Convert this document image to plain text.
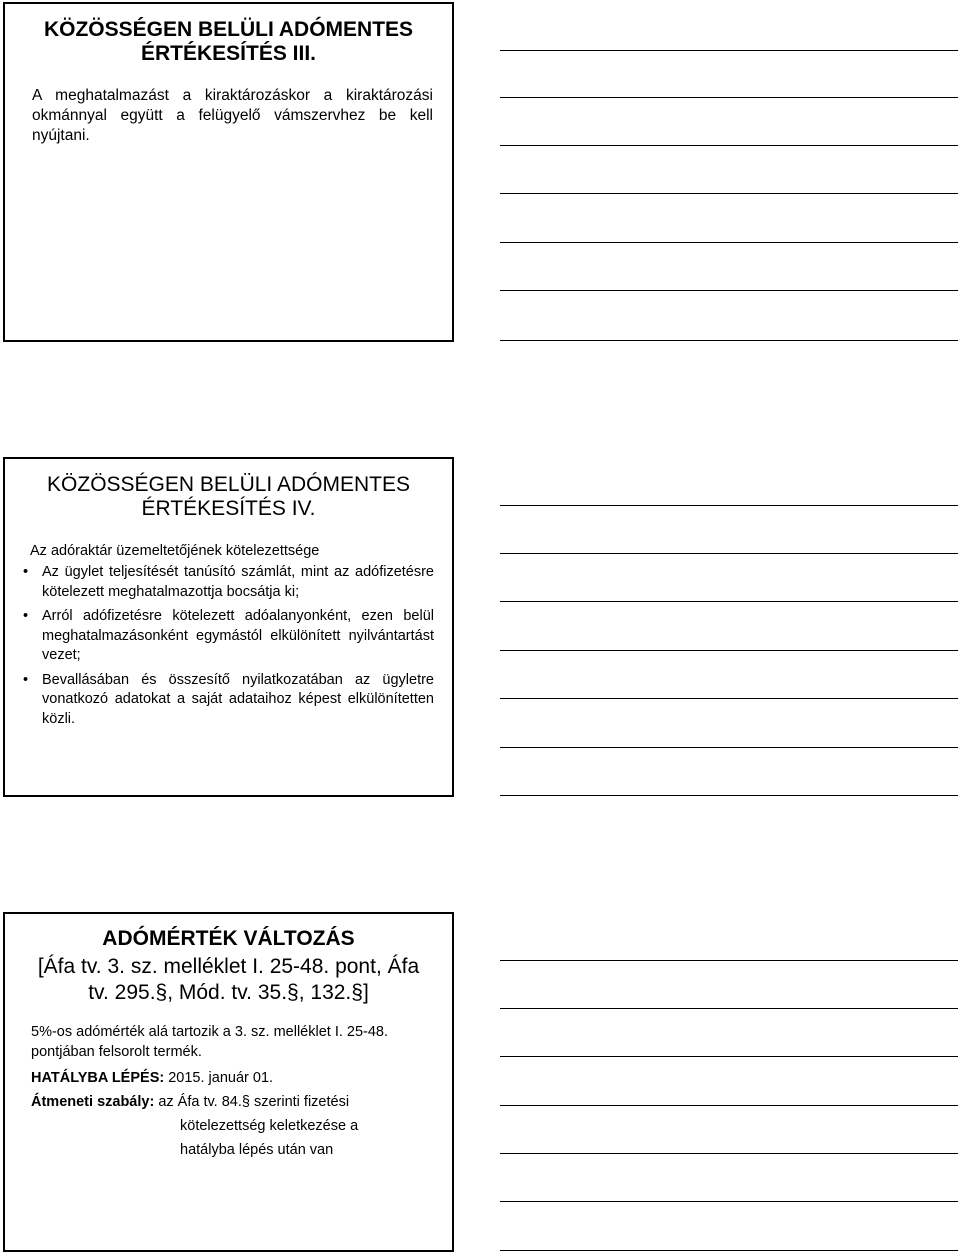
KÖZÖSSÉGEN BELÜLI ADÓMENTES
ÉRTÉKESÍTÉS III.
A meghatalmazást a kiraktározáskor a kiraktározási okmánnyal együtt a felügyelő vámszervhez be kell nyújtani.
KÖZÖSSÉGEN BELÜLI ADÓMENTES
ÉRTÉKESÍTÉS IV.
Az adóraktár üzemeltetőjének kötelezettsége
• Az ügylet teljesítését tanúsító számlát, mint az adófizetésre kötelezett meghatalmazottja bocsátja ki;
• Arról adófizetésre kötelezett adóalanyonként, ezen belül meghatalmazásonként egymástól elkülönített nyilvántartást vezet;
• Bevallásában és összesítő nyilatkozatában az ügyletre vonatkozó adatokat a saját adataihoz képest elkülönítetten közli.
ADÓMÉRTÉK VÁLTOZÁS
[Áfa tv. 3. sz. melléklet I. 25-48. pont, Áfa
tv. 295.§, Mód. tv. 35.§, 132.§]
5%-os adómérték alá tartozik a 3. sz. melléklet I. 25-48. pontjában felsorolt termék.
HATÁLYBA LÉPÉS: 2015. január 01.
Átmeneti szabály: az Áfa tv. 84.§ szerinti fizetési
kötelezettség keletkezése a
hatályba lépés után van
